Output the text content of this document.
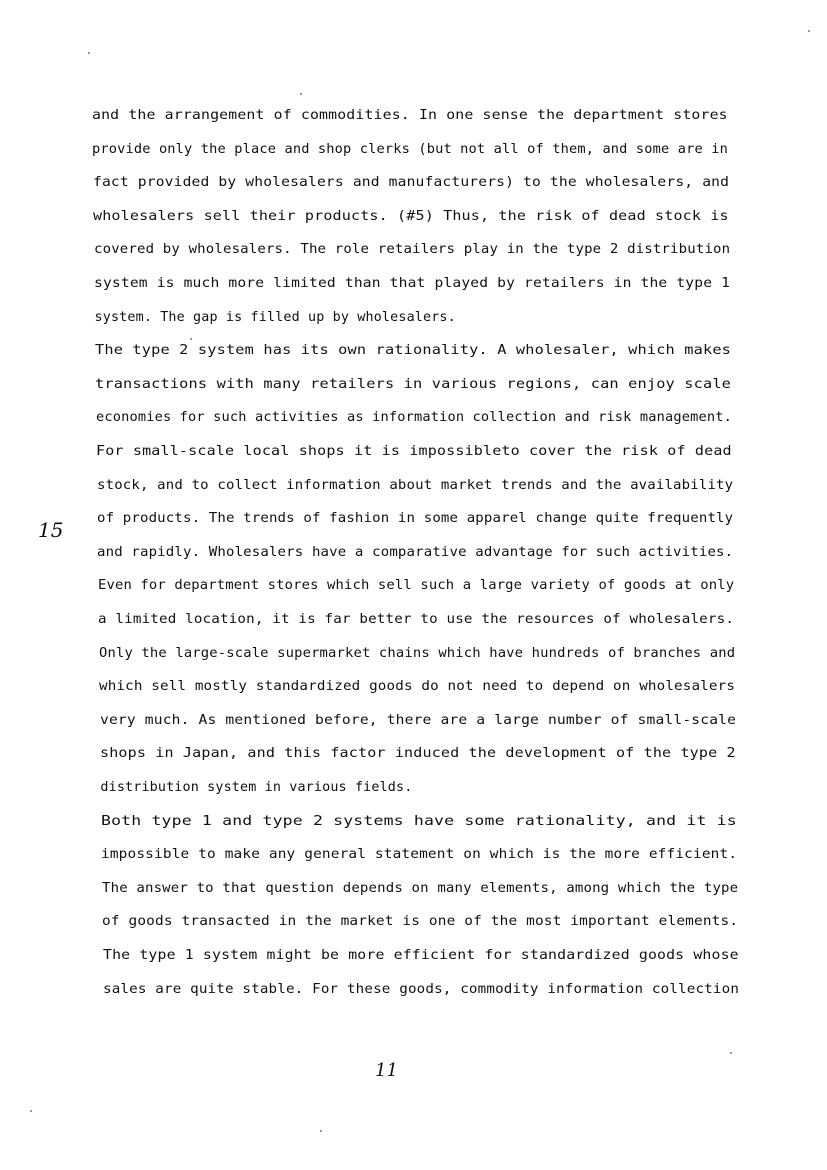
and the arrangement of commodities. In one sense the department stores
provide only the place and shop clerks (but not all of them, and some are in
fact provided by wholesalers and manufacturers) to the wholesalers, and
wholesalers sell their products. (#5) Thus, the risk of dead stock is
covered by wholesalers. The role retailers play in the type 2 distribution
system is much more limited than that played by retailers in the type 1
system. The gap is filled up by wholesalers.
The type 2 system has its own rationality. A wholesaler, which makes
transactions with many retailers in various regions, can enjoy scale
economies for such activities as information collection and risk management.
For small-scale local shops it is impossibleto cover the risk of dead
stock, and to collect information about market trends and the availability
of products. The trends of fashion in some apparel change quite frequently
and rapidly. Wholesalers have a comparative advantage for such activities.
Even for department stores which sell such a large variety of goods at only
a limited location, it is far better to use the resources of wholesalers.
Only the large-scale supermarket chains which have hundreds of branches and
which sell mostly standardized goods do not need to depend on wholesalers
very much. As mentioned before, there are a large number of small-scale
shops in Japan, and this factor induced the development of the type 2
distribution system in various fields.
Both type 1 and type 2 systems have some rationality, and it is
impossible to make any general statement on which is the more efficient.
The answer to that question depends on many elements, among which the type
of goods transacted in the market is one of the most important elements.
The type 1 system might be more efficient for standardized goods whose
sales are quite stable. For these goods, commodity information collection
15
11
